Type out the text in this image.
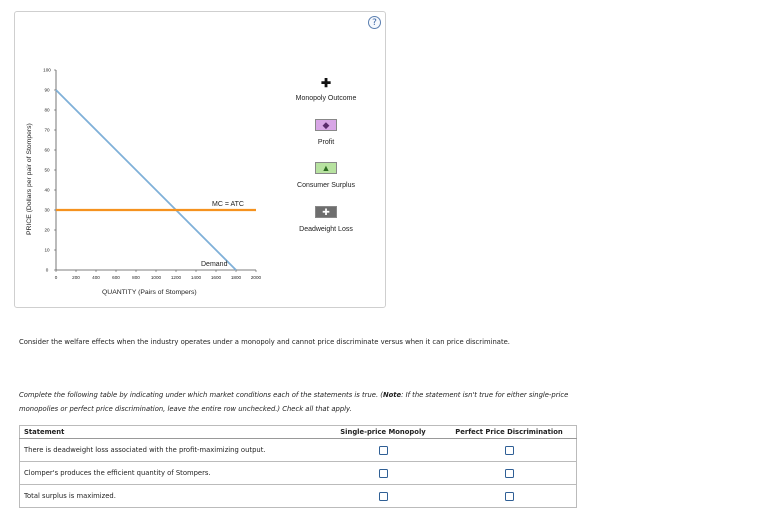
?
0
10
20
30
40
50
60
70
80
90
100
0	200	400	600	800 1000 1200 1400 1600 1800 2000
Demand
MC = ATC
QUANTITY (Pairs of Stompers)
PRICE (Dollars per pair of Stompers)
✚
Monopoly Outcome
◆
Profit
▲
Consumer Surplus
✚
Deadweight Loss
Consider the welfare effects when the industry operates under a monopoly and cannot price discriminate versus when it can price discriminate.
Complete the following table by indicating under which market conditions each of the statements is true. (Note: If the statement isn't true for either single-price monopolies or perfect price discrimination, leave the entire row unchecked.) Check all that apply.
Statement	Single-price Monopoly	Perfect Price Discrimination
There is deadweight loss associated with the profit-maximizing output.		
Clomper's produces the efficient quantity of Stompers.		
Total surplus is maximized.		
